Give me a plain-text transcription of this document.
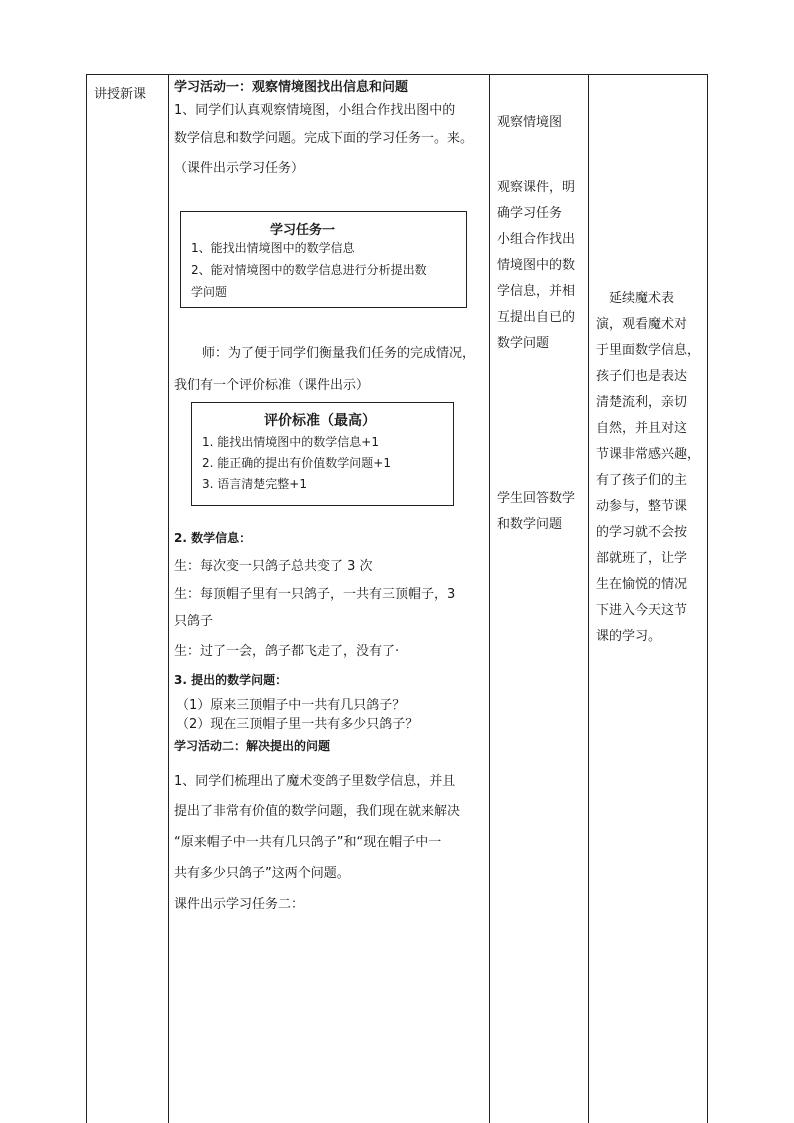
讲授新课 学习活动一：观察情境图找出信息和问题
1、同学们认真观察情境图，小组合作找出图中的
数学信息和数学问题。完成下面的学习任务一。来。
（课件出示学习任务）
学习任务一
1、能找出情境图中的数学信息
2、能对情境图中的数学信息进行分析提出数
学问题
师：为了便于同学们衡量我们任务的完成情况，
我们有一个评价标准（课件出示）
评价标准（最高）
1. 能找出情境图中的数学信息+1
2. 能正确的提出有价值数学问题+1
3. 语言清楚完整+1
2. 数学信息：
生：每次变一只鸽子总共变了 3 次
生：每顶帽子里有一只鸽子，一共有三顶帽子，3
只鸽子
生：过了一会，鸽子都飞走了，没有了·
3. 提出的数学问题：
（1）原来三顶帽子中一共有几只鸽子？
（2）现在三顶帽子里一共有多少只鸽子？
学习活动二：解决提出的问题
1、同学们梳理出了魔术变鸽子里数学信息，并且
提出了非常有价值的数学问题，我们现在就来解决
“原来帽子中一共有几只鸽子”和“现在帽子中一
共有多少只鸽子”这两个问题。
课件出示学习任务二：
观察情境图
观察课件，明
确学习任务
小组合作找出
情境图中的数
学信息，并相
互提出自已的
数学问题
学生回答数学
和数学问题
　延续魔术表
演，观看魔术对
于里面数学信息，
孩子们也是表达
清楚流利，亲切
自然，并且对这
节课非常感兴趣，
有了孩子们的主
动参与，整节课
的学习就不会按
部就班了，让学
生在愉悦的情况
下进入今天这节
课的学习。
